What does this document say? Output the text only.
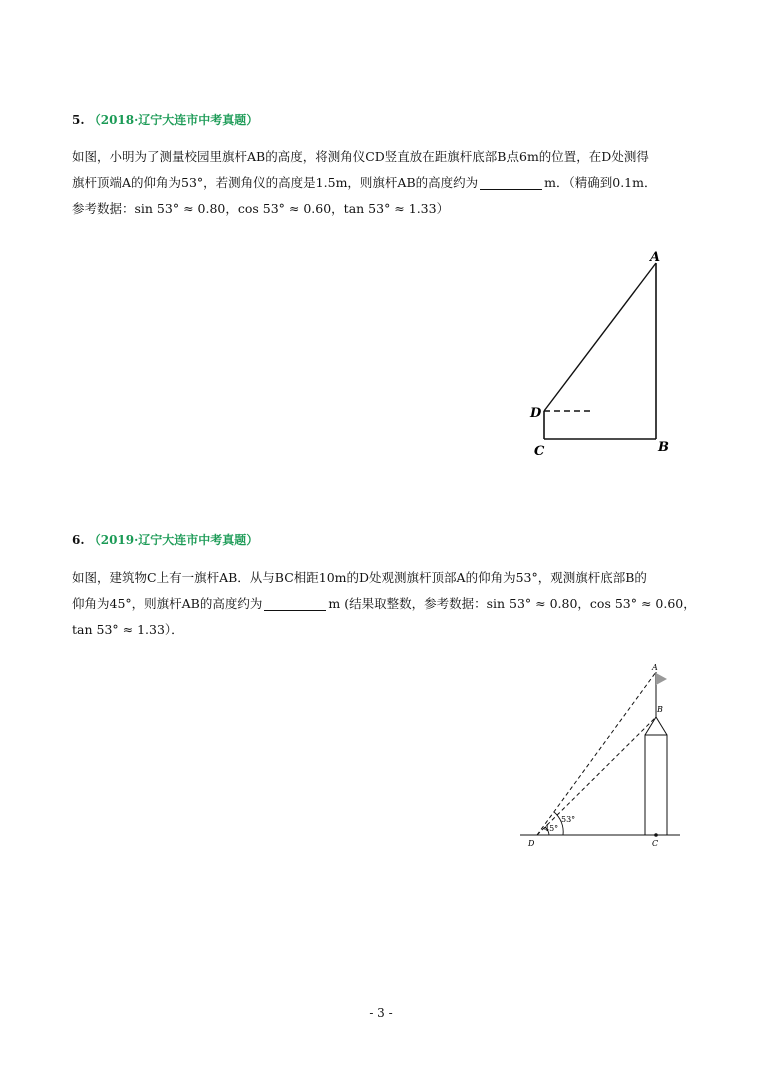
5. （2018·辽宁大连市中考真题）
如图，小明为了测量校园里旗杆AB的高度，将测角仪CD竖直放在距旗杆底部B点6m的位置，在D处测得
旗杆顶端A的仰角为53°，若测角仪的高度是1.5m，则旗杆AB的高度约为	m．（精确到0.1m．
参考数据：sin 53° ≈ 0.80，cos 53° ≈ 0.60，tan 53° ≈ 1.33）
A
D
C	B
6. （2019·辽宁大连市中考真题）
如图，建筑物C上有一旗杆AB．从与BC相距10m的D处观测旗杆顶部A的仰角为53°，观测旗杆底部B的
仰角为45°，则旗杆AB的高度约为	m (结果取整数，参考数据：sin 53° ≈ 0.80，cos 53° ≈ 0.60，
tan 53° ≈ 1.33）．
A
B
C
D
53°
45°
- 3 -
